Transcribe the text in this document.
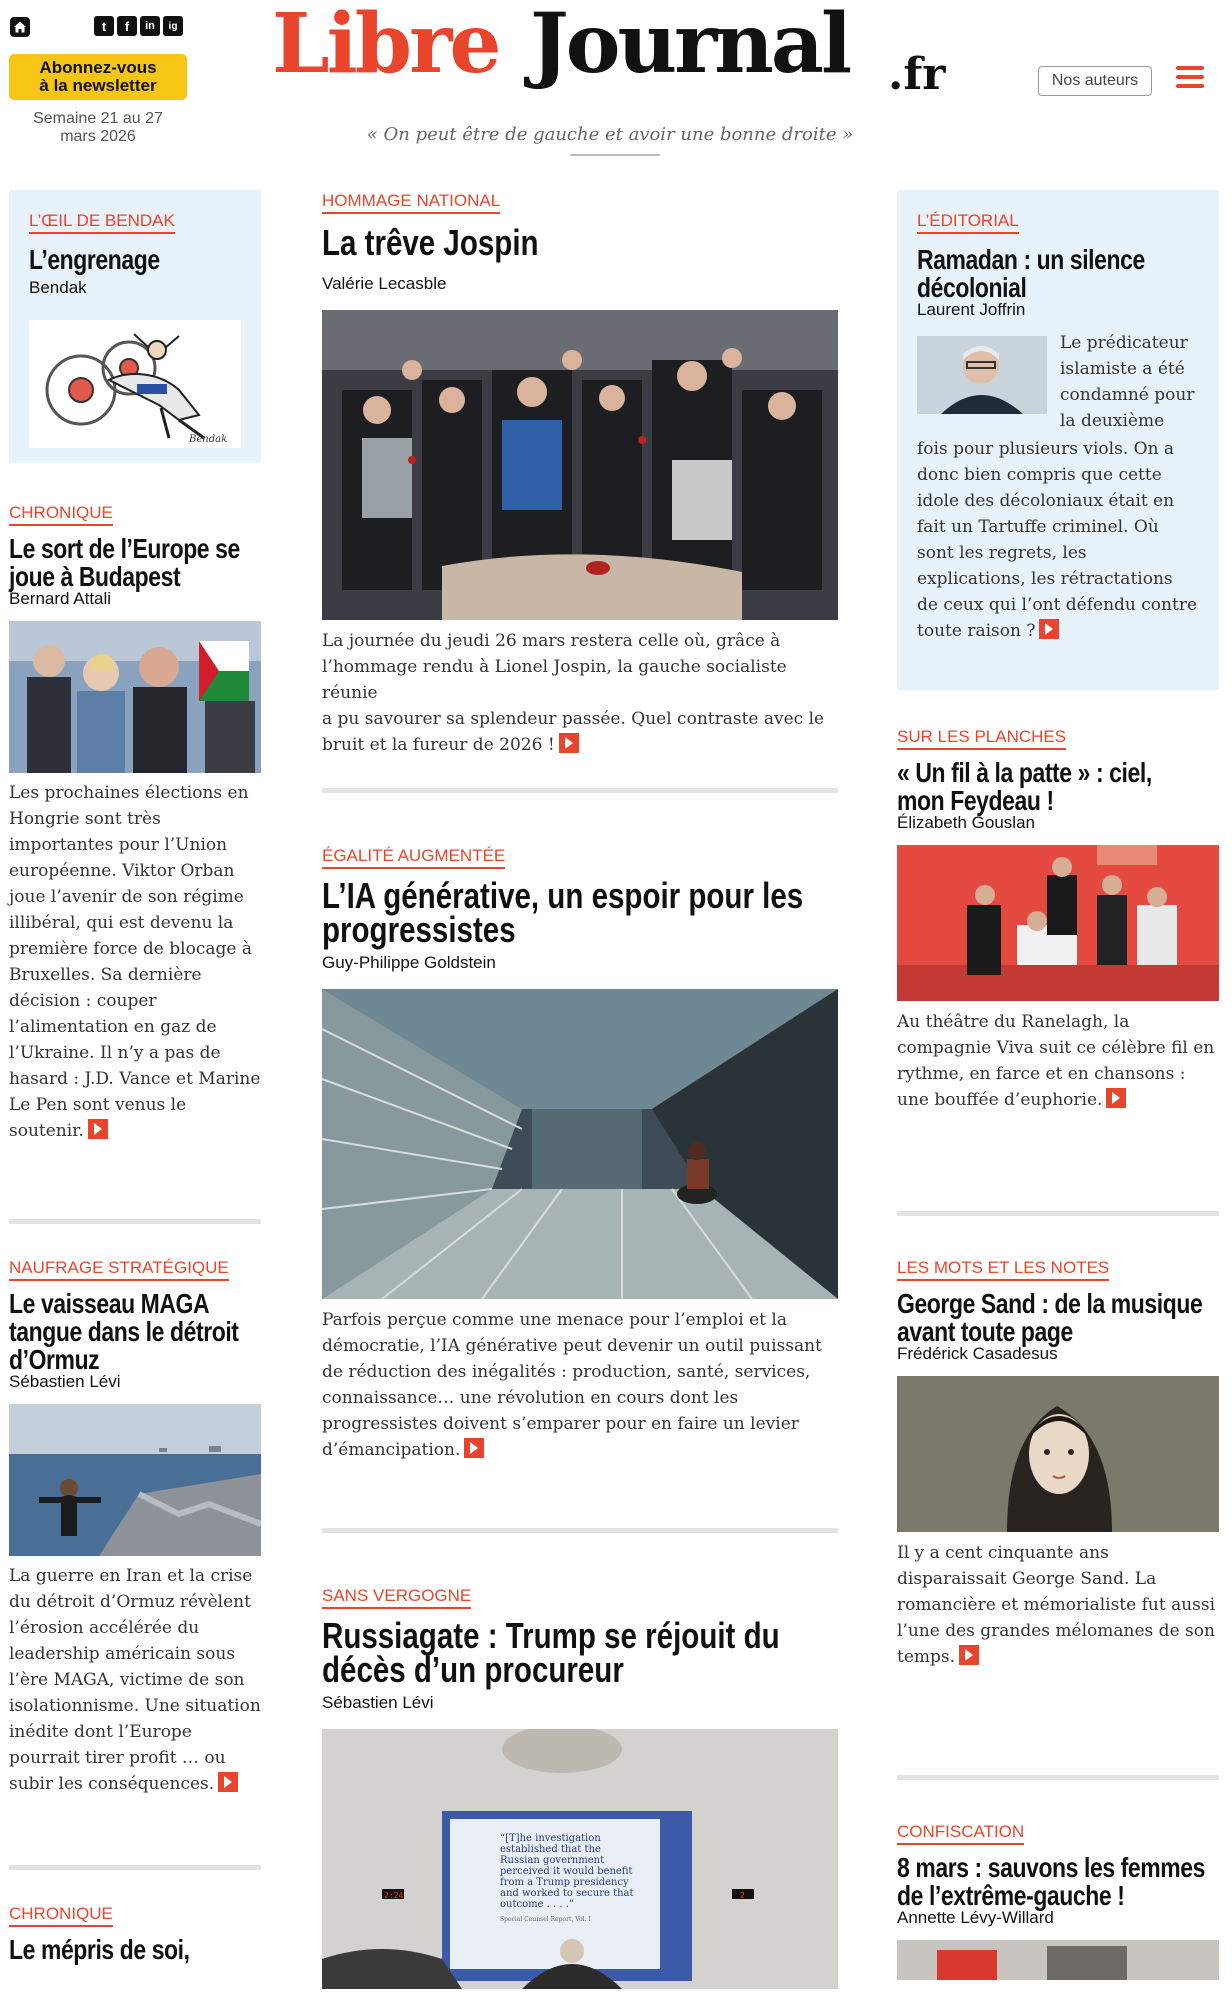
t	f	in	ig
Abonnez-vous
à la newsletter
Semaine 21 au 27
mars 2026
Libre Journal .fr
« On peut être de gauche et avoir une bonne droite »
Nos auteurs
L’ŒIL DE BENDAK
L’engrenage
Bendak
Bendak
CHRONIQUE
Le sort de l’Europe se
joue à Budapest
Bernard Attali
Les prochaines élections en
Hongrie sont très
importantes pour l’Union
européenne. Viktor Orban
joue l’avenir de son régime
illibéral, qui est devenu la
première force de blocage à
Bruxelles. Sa dernière
décision : couper
l’alimentation en gaz de
l’Ukraine. Il n’y a pas de
hasard : J.D. Vance et Marine
Le Pen sont venus le
soutenir.
NAUFRAGE STRATÉGIQUE
Le vaisseau MAGA
tangue dans le détroit
d’Ormuz
Sébastien Lévi
La guerre en Iran et la crise
du détroit d’Ormuz révèlent
l’érosion accélérée du
leadership américain sous
l’ère MAGA, victime de son
isolationnisme. Une situation
inédite dont l’Europe
pourrait tirer profit … ou
subir les conséquences.
CHRONIQUE
Le mépris de soi,
HOMMAGE NATIONAL
La trêve Jospin
Valérie Lecasble
La journée du jeudi 26 mars restera celle où, grâce à
l’hommage rendu à Lionel Jospin, la gauche socialiste réunie
a pu savourer sa splendeur passée. Quel contraste avec le
bruit et la fureur de 2026 !
ÉGALITÉ AUGMENTÉE
L’IA générative, un espoir pour les
progressistes
Guy-Philippe Goldstein
Parfois perçue comme une menace pour l’emploi et la
démocratie, l’IA générative peut devenir un outil puissant
de réduction des inégalités : production, santé, services,
connaissance… une révolution en cours dont les
progressistes doivent s’emparer pour en faire un levier
d’émancipation.
SANS VERGOGNE
Russiagate : Trump se réjouit du
décès d’un procureur
Sébastien Lévi
2:24	2
“[T]he investigation
established that the
Russian government
perceived it would benefit
from a Trump presidency
and worked to secure that
outcome . . . .”
Special Counsel Report, Vol. I
L’ÉDITORIAL
Ramadan : un silence
décolonial
Laurent Joffrin
Le prédicateur
islamiste a été
condamné pour
la deuxième
fois pour plusieurs viols. On a
donc bien compris que cette
idole des décoloniaux était en
fait un Tartuffe criminel. Où
sont les regrets, les
explications, les rétractations
de ceux qui l’ont défendu contre
toute raison ?
SUR LES PLANCHES
« Un fil à la patte » : ciel,
mon Feydeau !
Élizabeth Gouslan
Au théâtre du Ranelagh, la
compagnie Viva suit ce célèbre fil en
rythme, en farce et en chansons :
une bouffée d’euphorie.
LES MOTS ET LES NOTES
George Sand : de la musique
avant toute page
Frédérick Casadesus
Il y a cent cinquante ans
disparaissait George Sand. La
romancière et mémorialiste fut aussi
l’une des grandes mélomanes de son
temps.
CONFISCATION
8 mars : sauvons les femmes
de l’extrême-gauche !
Annette Lévy-Willard
